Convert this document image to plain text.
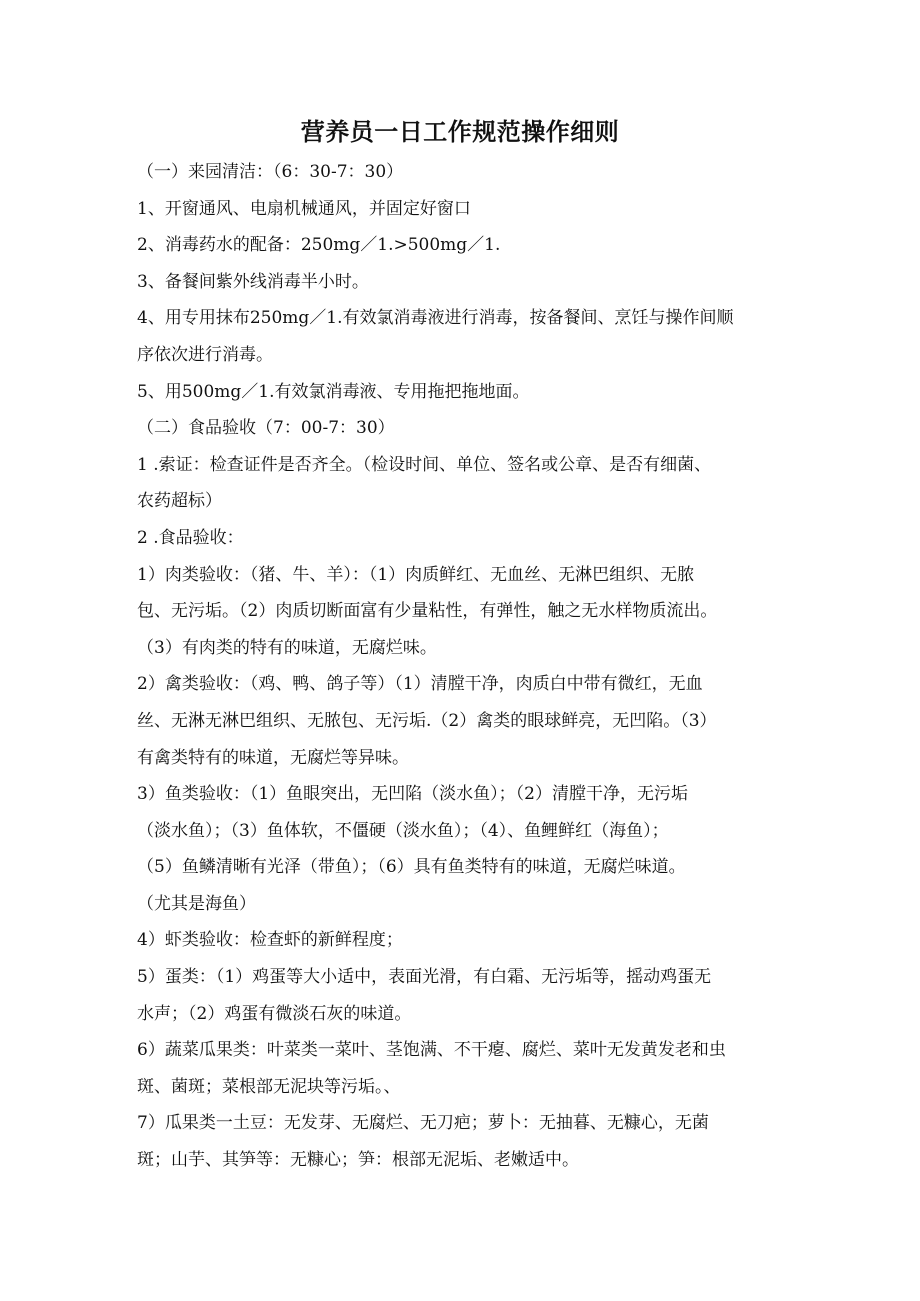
营养员一日工作规范操作细则
（一）来园清洁：（6：30-7：30）
1、开窗通风、电扇机械通风，并固定好窗口
2、消毒药水的配备：250mg／1.>500mg／1.
3、备餐间紫外线消毒半小时。
4、用专用抹布250mg／1.有效氯消毒液进行消毒，按备餐间、烹饪与操作间顺
序依次进行消毒。
5、用500mg／1.有效氯消毒液、专用拖把拖地面。
（二）食品验收（7：00-7：30）
1 .索证：检查证件是否齐全。（检设时间、单位、签名或公章、是否有细菌、
农药超标）
2 .食品验收：
1）肉类验收：（猪、牛、羊）：（1）肉质鲜红、无血丝、无淋巴组织、无脓
包、无污垢。（2）肉质切断面富有少量粘性，有弹性，触之无水样物质流出。
（3）有肉类的特有的味道，无腐烂味。
2）禽类验收：（鸡、鸭、鸽子等）（1）清膛干净，肉质白中带有微红，无血
丝、无淋无淋巴组织、无脓包、无污垢.（2）禽类的眼球鲜亮，无凹陷。（3）
有禽类特有的味道，无腐烂等异味。
3）鱼类验收：（1）鱼眼突出，无凹陷（淡水鱼）；（2）清膛干净，无污垢
（淡水鱼）；（3）鱼体软，不僵硬（淡水鱼）；（4）、鱼鲤鲜红（海鱼）；
（5）鱼鳞清晰有光泽（带鱼）；（6）具有鱼类特有的味道，无腐烂味道。
（尤其是海鱼）
4）虾类验收：检查虾的新鲜程度；
5）蛋类：（1）鸡蛋等大小适中，表面光滑，有白霜、无污垢等，摇动鸡蛋无
水声；（2）鸡蛋有微淡石灰的味道。
6）蔬菜瓜果类：叶菜类一菜叶、茎饱满、不干瘪、腐烂、菜叶无发黄发老和虫
斑、菌斑；菜根部无泥块等污垢。、
7）瓜果类一土豆：无发芽、无腐烂、无刀疤；萝卜：无抽暮、无糠心，无菌
斑；山芋、其笋等：无糠心；笋：根部无泥垢、老嫩适中。
